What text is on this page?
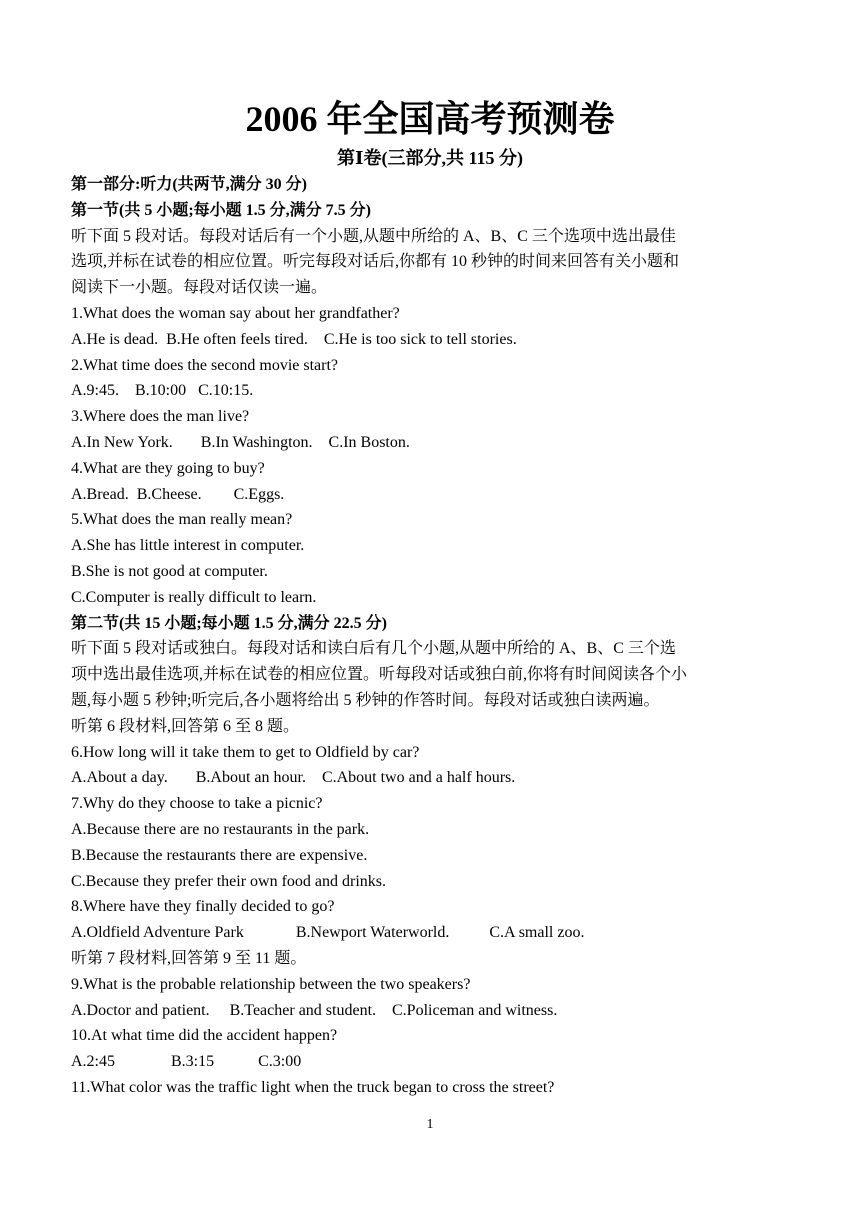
2006 年全国高考预测卷
第Ⅰ卷(三部分,共 115 分)
第一部分:听力(共两节,满分 30 分)
第一节(共 5 小题;每小题 1.5 分,满分 7.5 分)
听下面 5 段对话。每段对话后有一个小题,从题中所给的 A、B、C 三个选项中选出最佳
选项,并标在试卷的相应位置。听完每段对话后,你都有 10 秒钟的时间来回答有关小题和
阅读下一小题。每段对话仅读一遍。
1.What does the woman say about her grandfather?
A.He is dead.  B.He often feels tired.    C.He is too sick to tell stories.
2.What time does the second movie start?
A.9:45.    B.10:00   C.10:15.
3.Where does the man live?
A.In New York.       B.In Washington.    C.In Boston.
4.What are they going to buy?
A.Bread.  B.Cheese.        C.Eggs.
5.What does the man really mean?
A.She has little interest in computer.
B.She is not good at computer.
C.Computer is really difficult to learn.
第二节(共 15 小题;每小题 1.5 分,满分 22.5 分)
听下面 5 段对话或独白。每段对话和读白后有几个小题,从题中所给的 A、B、C 三个选
项中选出最佳选项,并标在试卷的相应位置。听每段对话或独白前,你将有时间阅读各个小
题,每小题 5 秒钟;听完后,各小题将给出 5 秒钟的作答时间。每段对话或独白读两遍。
听第 6 段材料,回答第 6 至 8 题。
6.How long will it take them to get to Oldfield by car?
A.About a day.       B.About an hour.    C.About two and a half hours.
7.Why do they choose to take a picnic?
A.Because there are no restaurants in the park.
B.Because the restaurants there are expensive.
C.Because they prefer their own food and drinks.
8.Where have they finally decided to go?
A.Oldfield Adventure Park             B.Newport Waterworld.          C.A small zoo.
听第 7 段材料,回答第 9 至 11 题。
9.What is the probable relationship between the two speakers?
A.Doctor and patient.     B.Teacher and student.    C.Policeman and witness.
10.At what time did the accident happen?
A.2:45              B.3:15           C.3:00
11.What color was the traffic light when the truck began to cross the street?
1
